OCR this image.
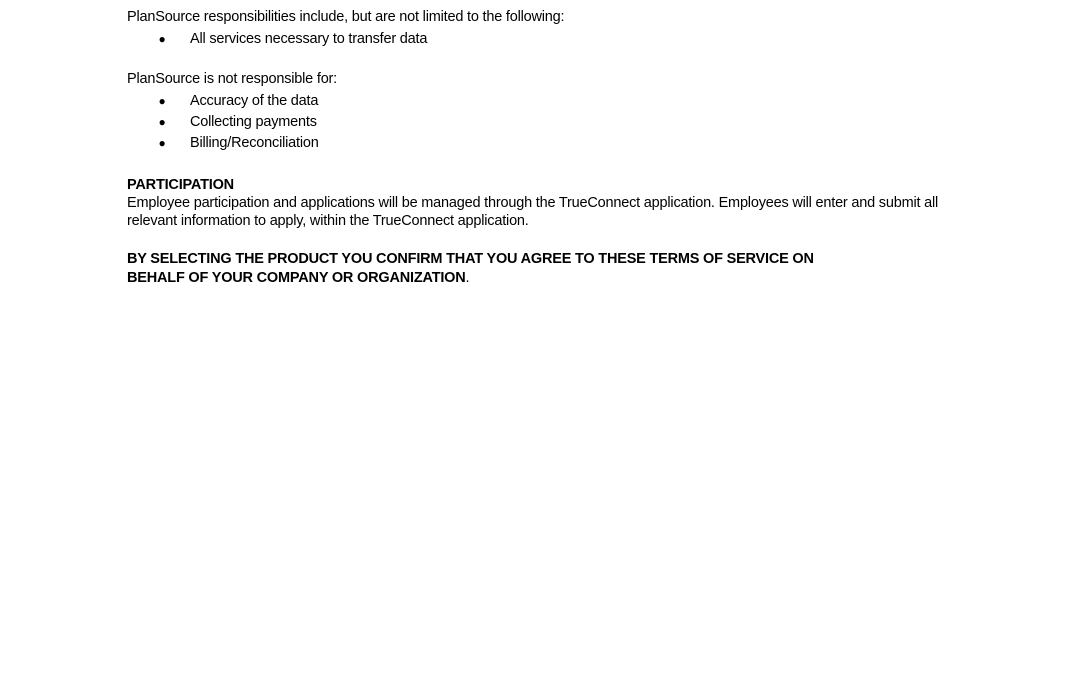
PlanSource responsibilities include, but are not limited to the following:

● All services necessary to transfer data

PlanSource is not responsible for:

● Accuracy of the data
● Collecting payments
● Billing/Reconciliation

PARTICIPATION

Employee participation and applications will be managed through the TrueConnect application. Employees will enter and submit all relevant information to apply, within the TrueConnect application.

BY SELECTING THE PRODUCT YOU CONFIRM THAT YOU AGREE TO THESE TERMS OF SERVICE ON
BEHALF OF YOUR COMPANY OR ORGANIZATION.
